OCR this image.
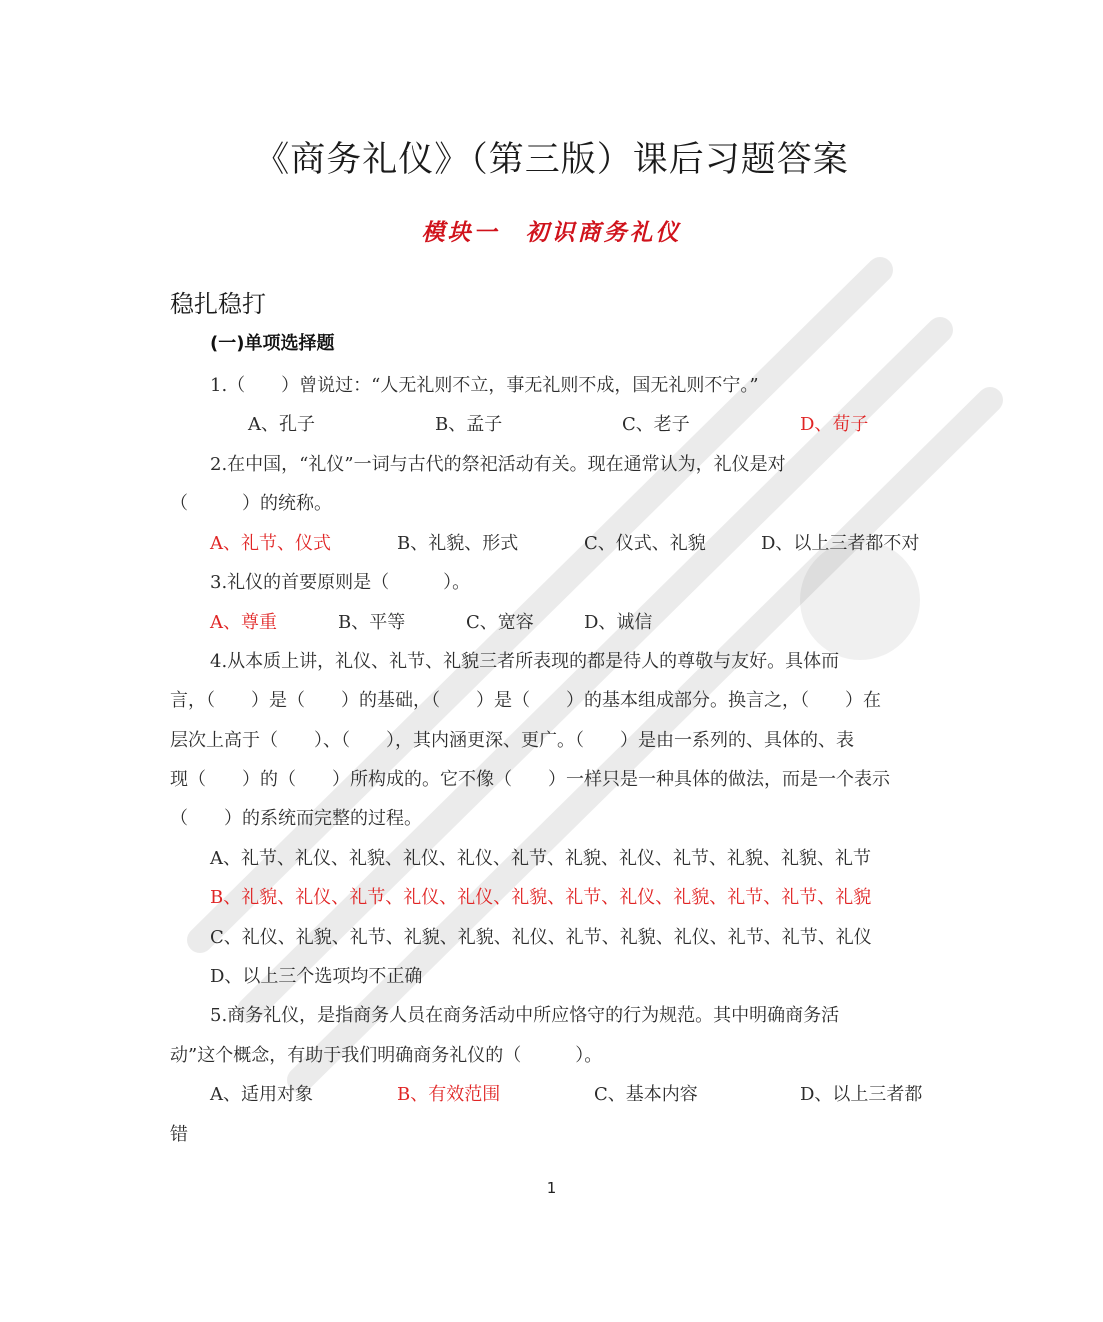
《商务礼仪》（第三版）课后习题答案
模块一　初识商务礼仪
稳扎稳打
(一)单项选择题
1.（　　）曾说过：“人无礼则不立，事无礼则不成，国无礼则不宁。”
A、孔子	B、孟子	C、老子	D、荀子
2.在中国，“礼仪”一词与古代的祭祀活动有关。现在通常认为，礼仪是对
（　　　）的统称。
A、礼节、仪式	B、礼貌、形式	C、仪式、礼貌	D、以上三者都不对
3.礼仪的首要原则是（　　　）。
A、尊重	B、平等	C、宽容	D、诚信
4.从本质上讲，礼仪、礼节、礼貌三者所表现的都是待人的尊敬与友好。具体而
言，（　　）是（　　）的基础，（　　）是（　　）的基本组成部分。换言之，（　　）在
层次上高于（　　）、（　　），其内涵更深、更广。（　　）是由一系列的、具体的、表
现（　　）的（　　）所构成的。它不像（　　）一样只是一种具体的做法，而是一个表示
（　　）的系统而完整的过程。
A、礼节、礼仪、礼貌、礼仪、礼仪、礼节、礼貌、礼仪、礼节、礼貌、礼貌、礼节
B、礼貌、礼仪、礼节、礼仪、礼仪、礼貌、礼节、礼仪、礼貌、礼节、礼节、礼貌
C、礼仪、礼貌、礼节、礼貌、礼貌、礼仪、礼节、礼貌、礼仪、礼节、礼节、礼仪
D、以上三个选项均不正确
5.商务礼仪，是指商务人员在商务活动中所应恪守的行为规范。其中明确商务活
动”这个概念，有助于我们明确商务礼仪的（　　　）。
A、适用对象	B、有效范围	C、基本内容	D、以上三者都
错
1
